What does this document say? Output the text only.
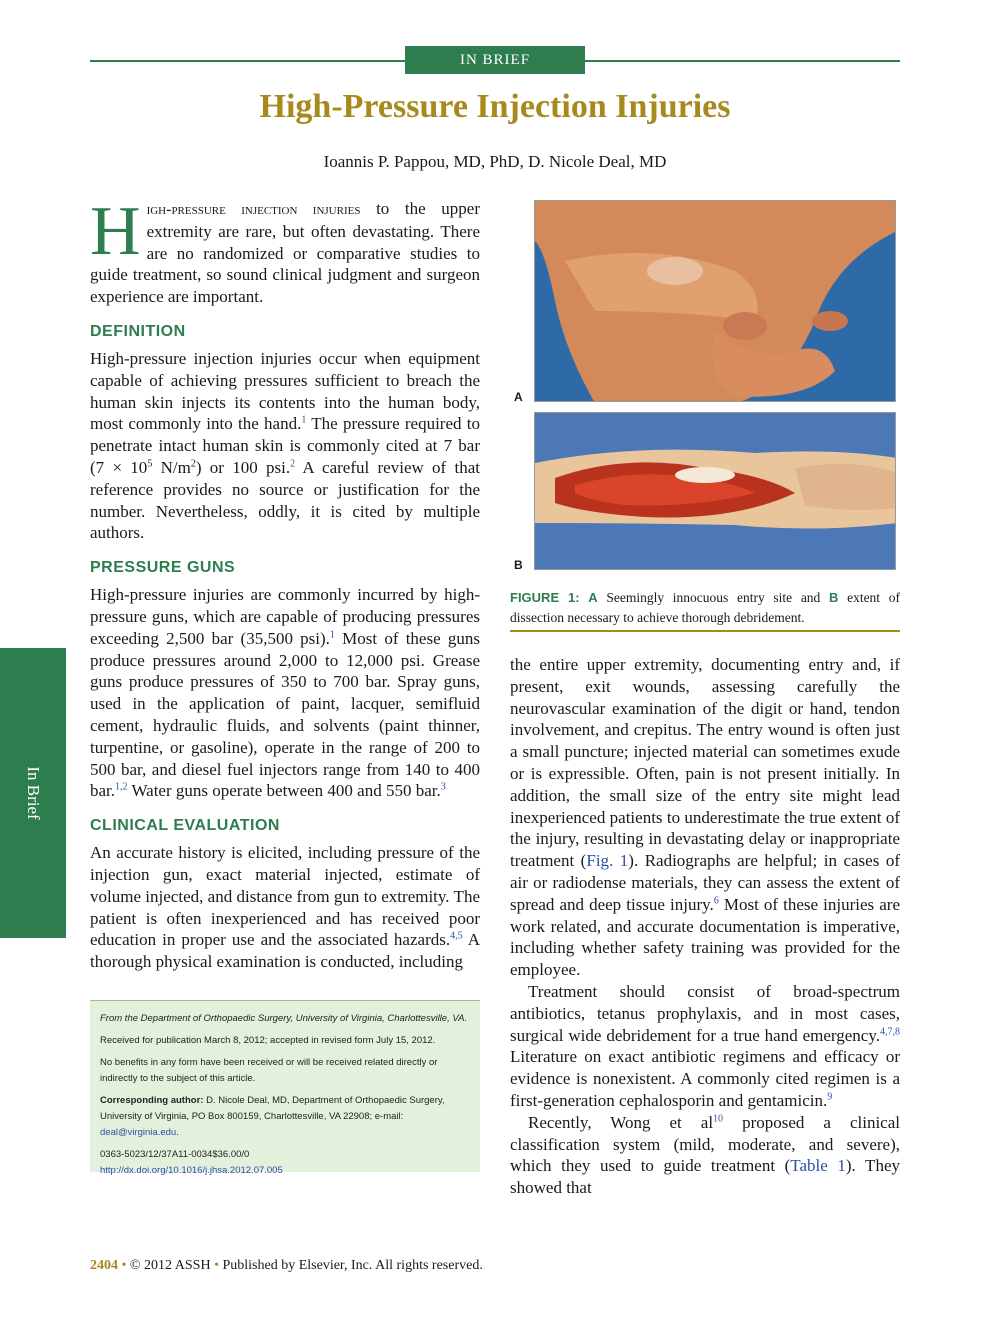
IN BRIEF
High-Pressure Injection Injuries
Ioannis P. Pappou, MD, PhD, D. Nicole Deal, MD
In Brief

High-pressure injection injuries to the upper extremity are rare, but often devastating. There are no randomized or comparative studies to guide treatment, so sound clinical judgment and surgeon experience are important.

DEFINITION

High-pressure injection injuries occur when equipment capable of achieving pressures sufficient to breach the human skin injects its contents into the human body, most commonly into the hand.$^1$ The pressure required to penetrate intact human skin is commonly cited at 7 bar ($7 \times 10^5$ $N/m^2$) or 100 psi.$^2$ A careful review of that reference provides no source or justification for the number. Nevertheless, oddly, it is cited by multiple authors.

PRESSURE GUNS

High-pressure injuries are commonly incurred by high-pressure guns, which are capable of producing pressures exceeding 2,500 bar (35,500 psi).$^1$ Most of these guns produce pressures around 2,000 to 12,000 psi. Grease guns produce pressures of 350 to 700 bar. Spray guns, used in the application of paint, lacquer, semifluid cement, hydraulic fluids, and solvents (paint thinner, turpentine, or gasoline), operate in the range of 200 to 500 bar, and diesel fuel injectors range from 140 to 400 bar.$^{1,2}$ Water guns operate between 400 and 550 bar.$^3$

CLINICAL EVALUATION

An accurate history is elicited, including pressure of the injection gun, exact material injected, estimate of volume injected, and distance from gun to extremity. The patient is often inexperienced and has received poor education in proper use and the associated hazards.$^{4,5}$ A thorough physical examination is conducted, including

A
B
FIGURE 1: A Seemingly innocuous entry site and B extent of dissection necessary to achieve thorough debridement.

the entire upper extremity, documenting entry and, if present, exit wounds, assessing carefully the neurovascular examination of the digit or hand, tendon involvement, and crepitus. The entry wound is often just a small puncture; injected material can sometimes exude or is expressible. Often, pain is not present initially. In addition, the small size of the entry site might lead inexperienced patients to underestimate the true extent of the injury, resulting in devastating delay or inappropriate treatment (Fig. 1). Radiographs are helpful; in cases of air or radiodense materials, they can assess the extent of spread and deep tissue injury.$^6$ Most of these injuries are work related, and accurate documentation is imperative, including whether safety training was provided for the employee.

Treatment should consist of broad-spectrum antibiotics, tetanus prophylaxis, and in most cases, surgical wide debridement for a true hand emergency.$^{4,7,8}$ Literature on exact antibiotic regimens and efficacy or evidence is nonexistent. A commonly cited regimen is a first-generation cephalosporin and gentamicin.$^9$

Recently, Wong et $al^{10}$ proposed a clinical classification system (mild, moderate, and severe), which they used to guide treatment (Table 1). They showed that

From the Department of Orthopaedic Surgery, University of Virginia, Charlottesville, VA.

Received for publication March 8, 2012; accepted in revised form July 15, 2012.

No benefits in any form have been received or will be received related directly or indirectly to the subject of this article.

Corresponding author: D. Nicole Deal, MD, Department of Orthopaedic Surgery, University of Virginia, PO Box 800159, Charlottesville, VA 22908; e-mail: deal@virginia.edu.

0363-5023/12/37A11-0034$36.00/0

http://dx.doi.org/10.1016/j.jhsa.2012.07.005

2404 • © 2012 ASSH • Published by Elsevier, Inc. All rights reserved.
